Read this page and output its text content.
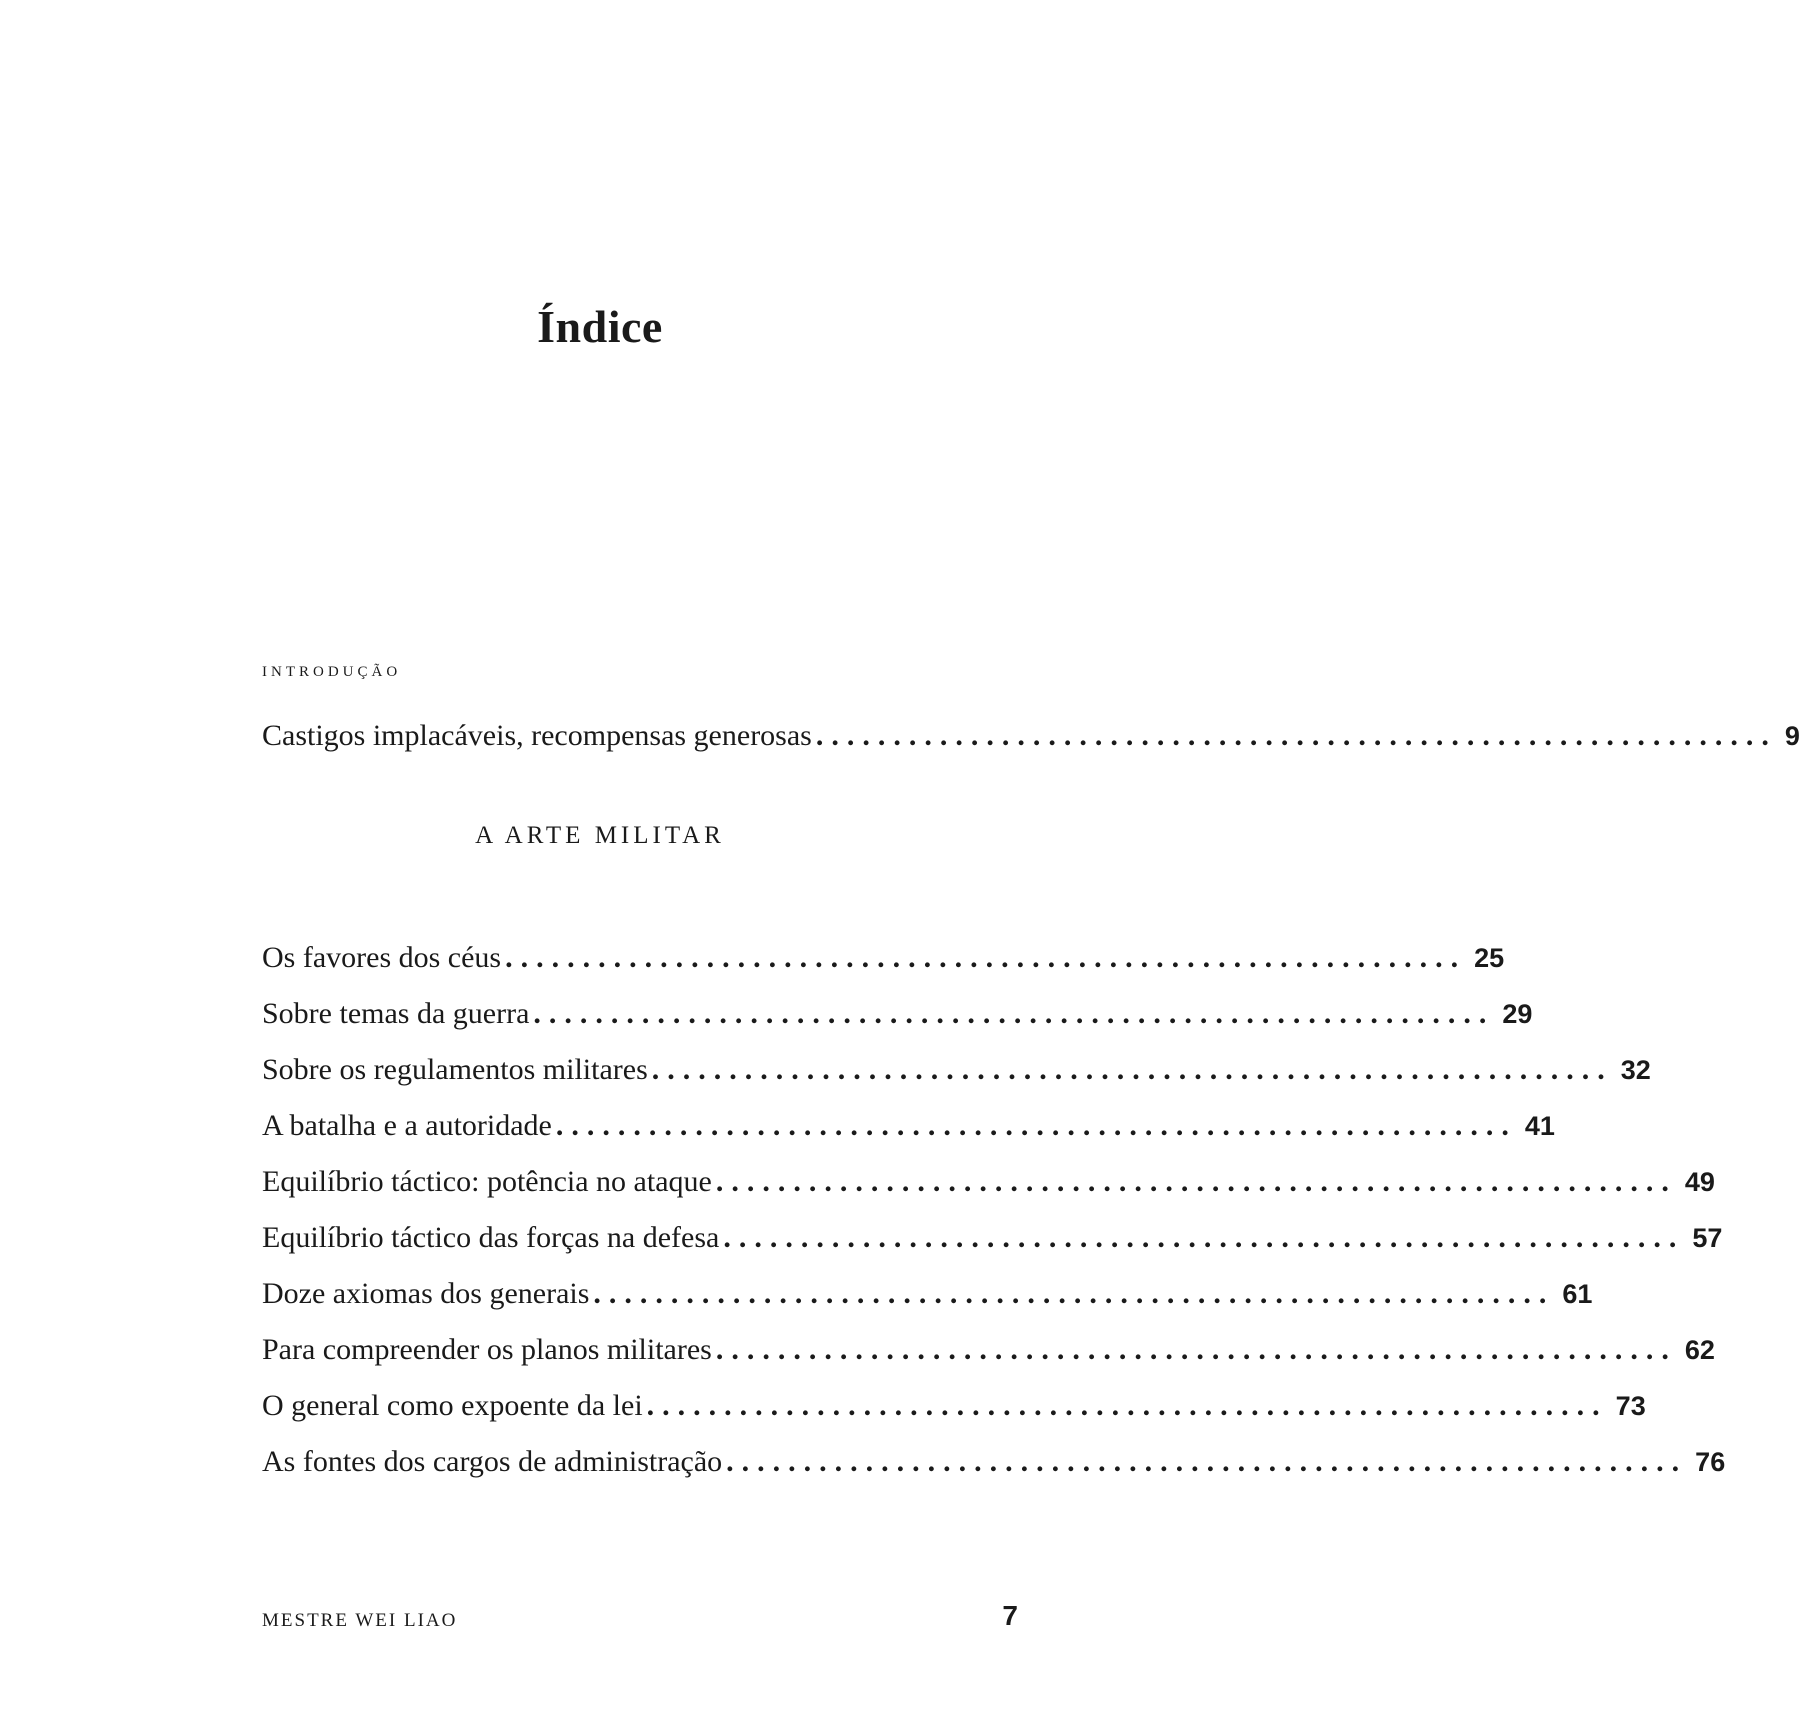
Índice
introdução
Castigos implacáveis, recompensas generosas .............................................................. 9
A ARTE MILITAR
Os favores dos céus .............................................................. 25
Sobre temas da guerra .............................................................. 29
Sobre os regulamentos militares .............................................................. 32
A batalha e a autoridade .............................................................. 41
Equilíbrio táctico: potência no ataque .............................................................. 49
Equilíbrio táctico das forças na defesa .............................................................. 57
Doze axiomas dos generais .............................................................. 61
Para compreender os planos militares .............................................................. 62
O general como expoente da lei .............................................................. 73
As fontes dos cargos de administração .............................................................. 76
MESTRE WEI LIAO	7
